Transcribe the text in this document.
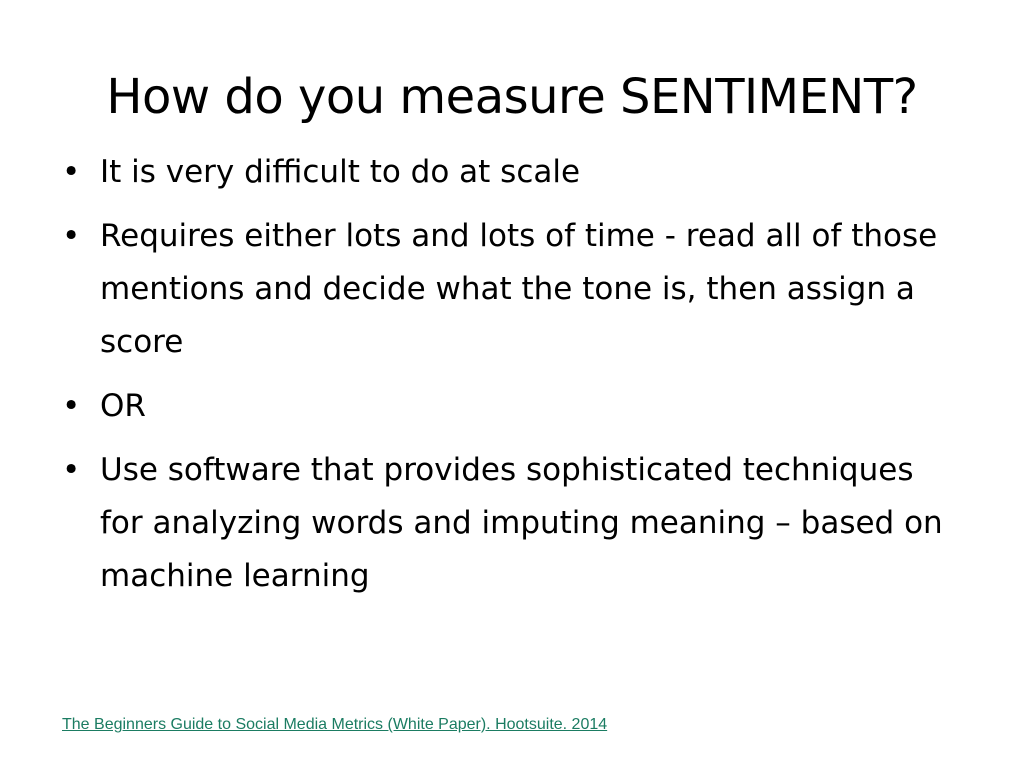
How do you measure SENTIMENT?
• It is very difficult to do at scale
• Requires either lots and lots of time - read all of those mentions and decide what the tone is, then assign a score
• OR
• Use software that provides sophisticated techniques for analyzing words and imputing meaning – based on machine learning
The Beginners Guide to Social Media Metrics (White Paper). Hootsuite. 2014
